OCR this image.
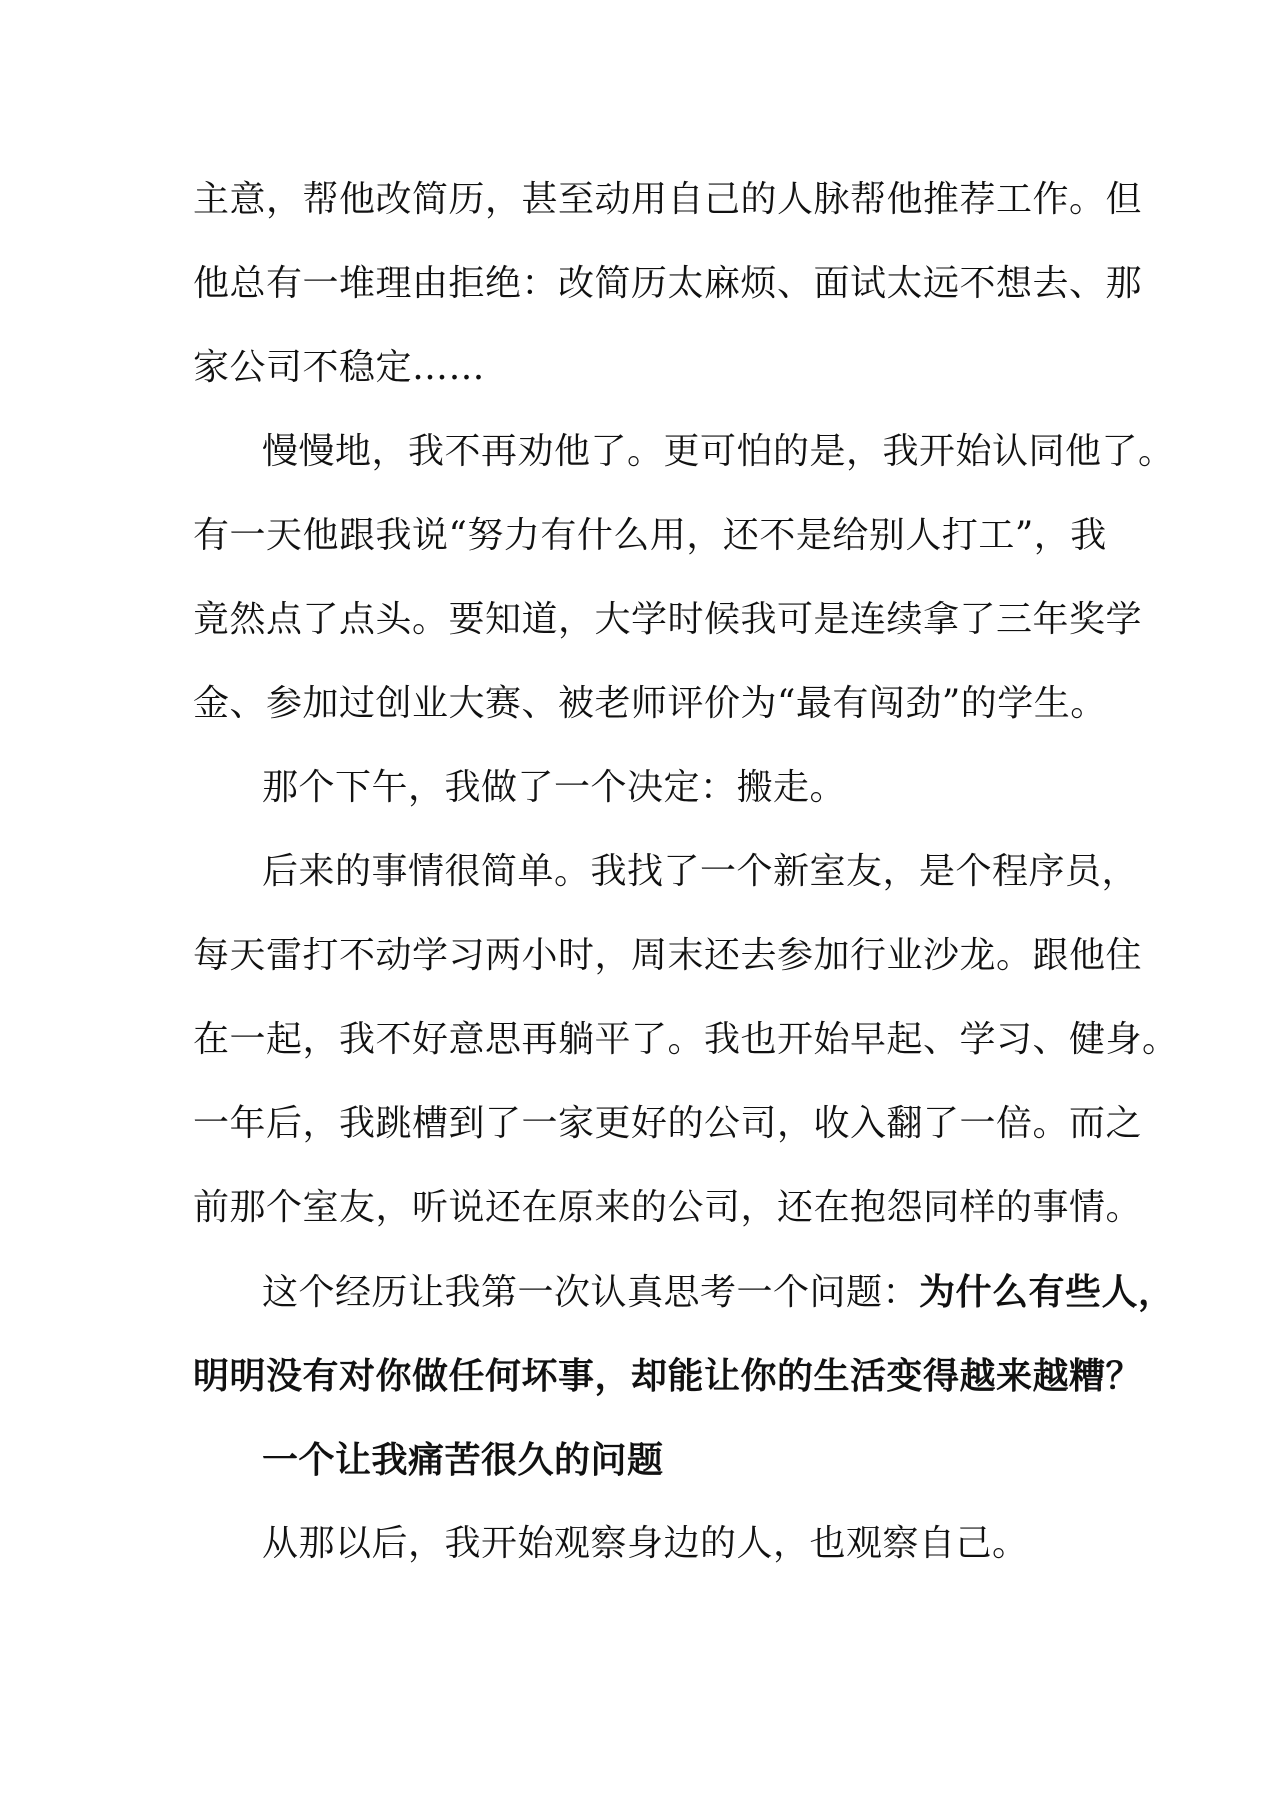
主意，帮他改简历，甚至动用自己的人脉帮他推荐工作。但
他总有一堆理由拒绝：改简历太麻烦、面试太远不想去、那
家公司不稳定……
慢慢地，我不再劝他了。更可怕的是，我开始认同他了。
有一天他跟我说“努力有什么用，还不是给别人打工”，我
竟然点了点头。要知道，大学时候我可是连续拿了三年奖学
金、参加过创业大赛、被老师评价为“最有闯劲”的学生。
那个下午，我做了一个决定：搬走。
后来的事情很简单。我找了一个新室友，是个程序员，
每天雷打不动学习两小时，周末还去参加行业沙龙。跟他住
在一起，我不好意思再躺平了。我也开始早起、学习、健身。
一年后，我跳槽到了一家更好的公司，收入翻了一倍。而之
前那个室友，听说还在原来的公司，还在抱怨同样的事情。
这个经历让我第一次认真思考一个问题：为什么有些人，
明明没有对你做任何坏事，却能让你的生活变得越来越糟？
一个让我痛苦很久的问题
从那以后，我开始观察身边的人，也观察自己。
